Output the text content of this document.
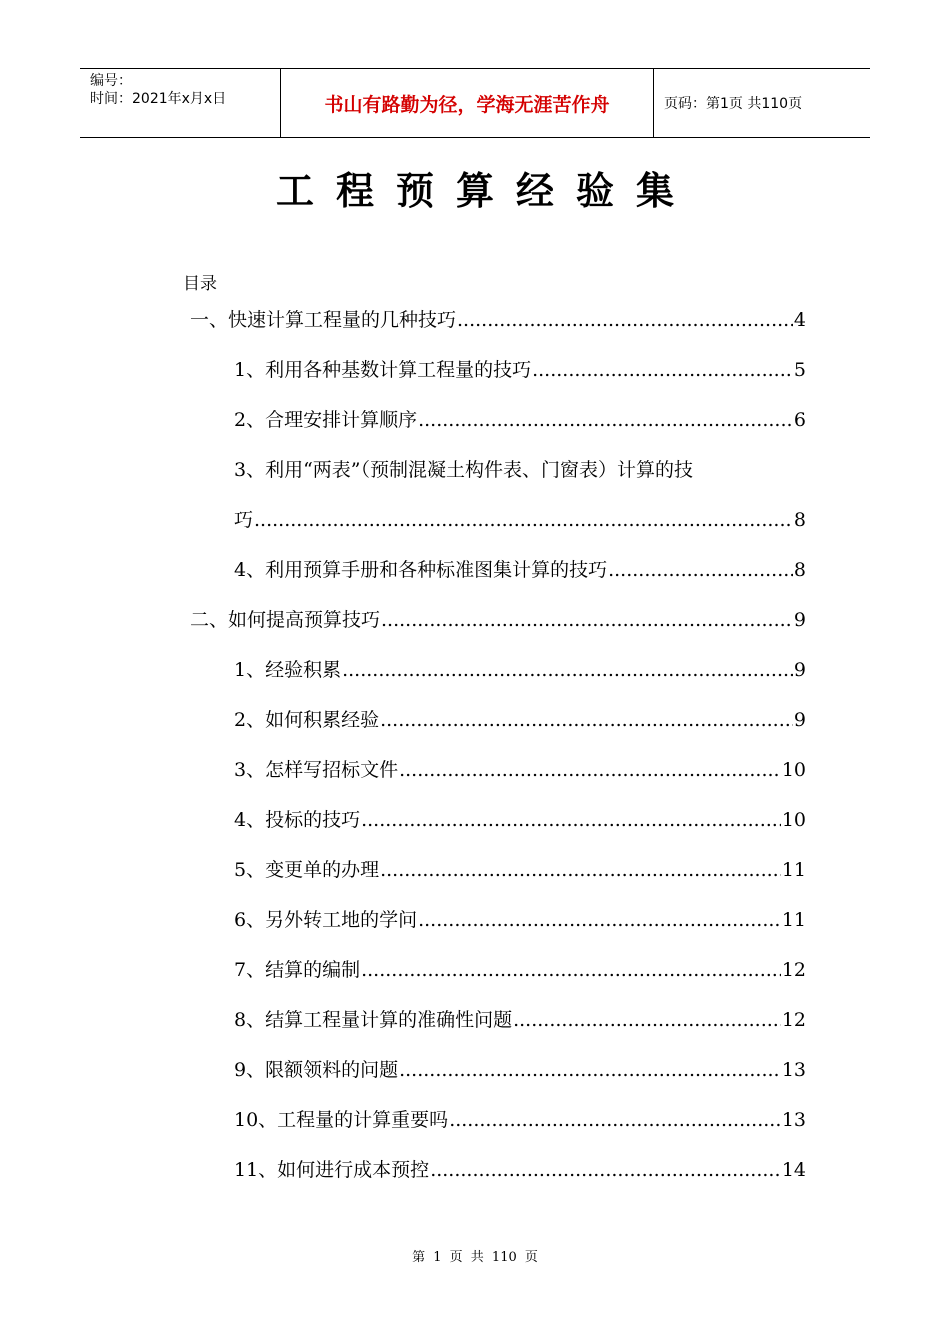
编号：
时间：2021年x月x日	书山有路勤为径，学海无涯苦作舟	页码：第1页 共110页
工程预算经验集
目录
一、快速计算工程量的几种技巧 .....	4
1、利用各种基数计算工程量的技巧 .....	5
2、合理安排计算顺序 .....	6
3、利用“两表”（预制混凝土构件表、门窗表）计算的技
巧 .....	8
4、利用预算手册和各种标准图集计算的技巧 .....	8
二、如何提高预算技巧 .....	9
1、经验积累 .....	9
2、如何积累经验 .....	9
3、怎样写招标文件 .....	10
4、投标的技巧 .....	10
5、变更单的办理 .....	11
6、另外转工地的学问 .....	11
7、结算的编制 .....	12
8、结算工程量计算的准确性问题 .....	12
9、限额领料的问题 .....	13
10、工程量的计算重要吗 .....	13
11、如何进行成本预控 .....	14
第 1 页 共 110 页
